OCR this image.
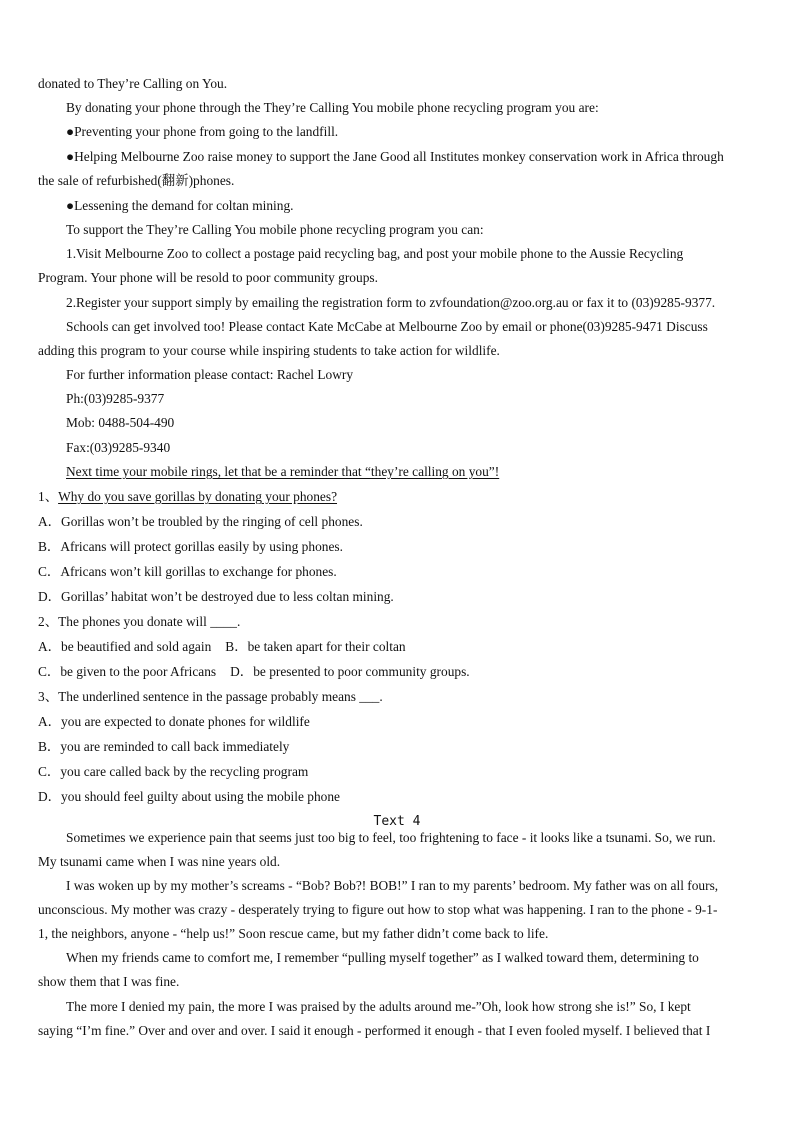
donated to They’re Calling on You.
By donating your phone through the They’re Calling You mobile phone recycling program you are:
●Preventing your phone from going to the landfill.
●Helping Melbourne Zoo raise money to support the Jane Good all Institutes monkey conservation work in Africa through
the sale of refurbished(翻新)phones.
●Lessening the demand for coltan mining.
To support the They’re Calling You mobile phone recycling program you can:
1.Visit Melbourne Zoo to collect a postage paid recycling bag, and post your mobile phone to the Aussie Recycling
Program. Your phone will be resold to poor community groups.
2.Register your support simply by emailing the registration form to zvfoundation@zoo.org.au or fax it to (03)9285-9377.
Schools can get involved too! Please contact Kate McCabe at Melbourne Zoo by email or phone(03)9285-9471 Discuss
adding this program to your course while inspiring students to take action for wildlife.
For further information please contact: Rachel Lowry
Ph:(03)9285-9377
Mob: 0488-504-490
Fax:(03)9285-9340
Next time your mobile rings, let that be a reminder that “they’re calling on you”!
1、Why do you save gorillas by donating your phones?
A．Gorillas won’t be troubled by the ringing of cell phones.
B．Africans will protect gorillas easily by using phones.
C．Africans won’t kill gorillas to exchange for phones.
D．Gorillas’ habitat won’t be destroyed due to less coltan mining.
2、The phones you donate will ____.
A．be beautified and sold again B．be taken apart for their coltan
C．be given to the poor Africans D．be presented to poor community groups.
3、The underlined sentence in the passage probably means ___.
A．you are expected to donate phones for wildlife
B．you are reminded to call back immediately
C．you care called back by the recycling program
D．you should feel guilty about using the mobile phone
Text 4
Sometimes we experience pain that seems just too big to feel, too frightening to face - it looks like a tsunami. So, we run.
My tsunami came when I was nine years old.
I was woken up by my mother’s screams - “Bob? Bob?! BOB!” I ran to my parents’ bedroom. My father was on all fours,
unconscious. My mother was crazy - desperately trying to figure out how to stop what was happening. I ran to the phone - 9-1-
1, the neighbors, anyone - “help us!” Soon rescue came, but my father didn’t come back to life.
When my friends came to comfort me, I remember “pulling myself together” as I walked toward them, determining to
show them that I was fine.
The more I denied my pain, the more I was praised by the adults around me-”Oh, look how strong she is!” So, I kept
saying “I’m fine.” Over and over and over. I said it enough - performed it enough - that I even fooled myself. I believed that I
